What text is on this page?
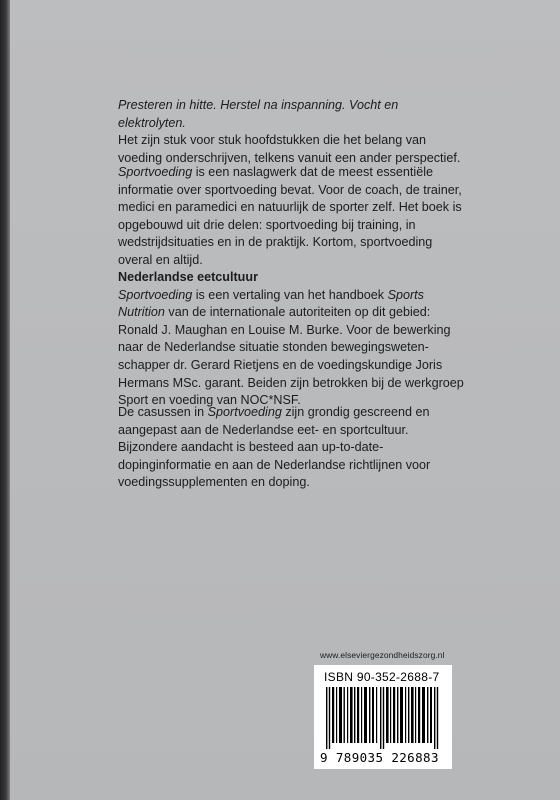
Presteren in hitte. Herstel na inspanning. Vocht en elektrolyten.
Het zijn stuk voor stuk hoofdstukken die het belang van voeding onderschrijven, telkens vanuit een ander perspectief.

Sportvoeding is een naslagwerk dat de meest essentiële informatie over sportvoeding bevat. Voor de coach, de trainer, medici en paramedici en natuurlijk de sporter zelf. Het boek is opgebouwd uit drie delen: sportvoeding bij training, in wedstrijdsituaties en in de praktijk. Kortom, sportvoeding overal en altijd.

Nederlandse eetcultuur

Sportvoeding is een vertaling van het handboek Sports Nutrition van de internationale autoriteiten op dit gebied: Ronald J. Maughan en Louise M. Burke. Voor de bewerking naar de Nederlandse situatie stonden bewegingsweten-schapper dr. Gerard Rietjens en de voedingskundige Joris Hermans MSc. garant. Beiden zijn betrokken bij de werkgroep Sport en voeding van NOC*NSF.

De casussen in Sportvoeding zijn grondig gescreend en aangepast aan de Nederlandse eet- en sportcultuur. Bijzondere aandacht is besteed aan up-to-date-dopinginformatie en aan de Nederlandse richtlijnen voor voedingssupplementen en doping.

www.elseviergezondheidszorg.nl
ISBN 90-352-2688-7
9 789035 226883
